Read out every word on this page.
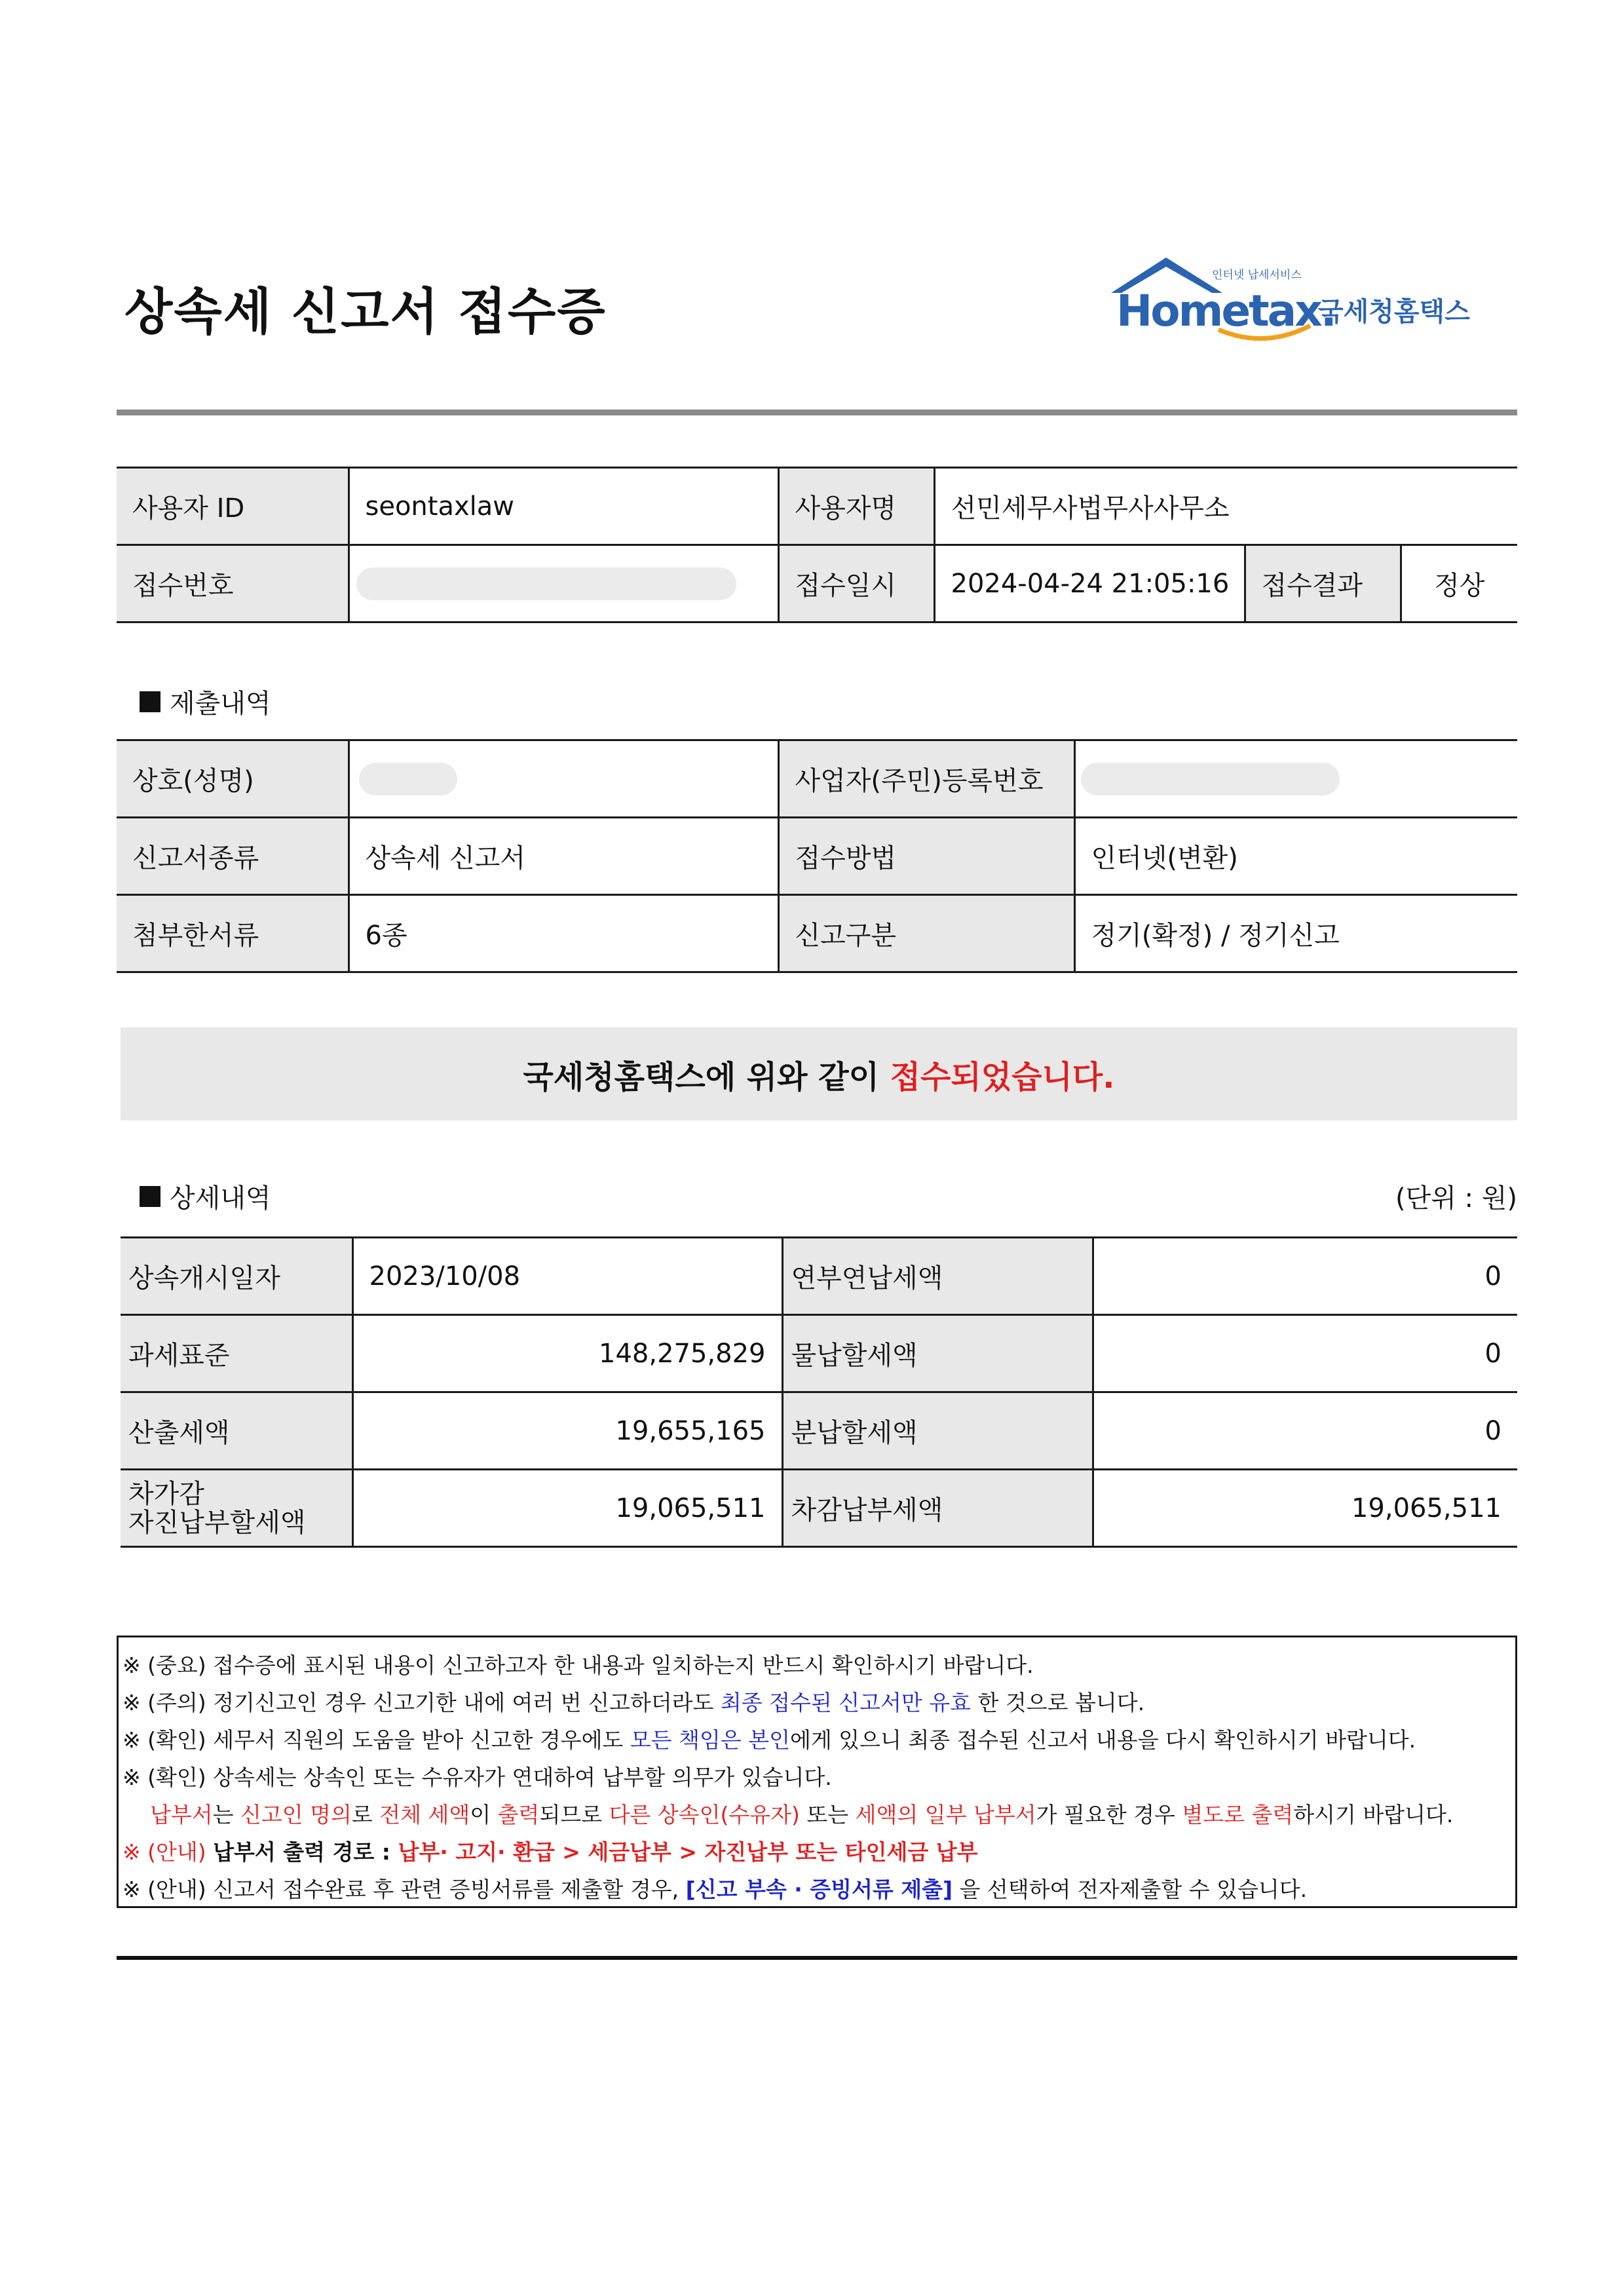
상속세 신고서 접수증
인터넷 납세서비스
Hometax.
국세청홈택스
사용자 ID	seontaxlaw	사용자명	선민세무사법무사사무소		
접수번호		접수일시	2024-04-24 21:05:16	접수결과	정상
제출내역
상호(성명)		사업자(주민)등록번호	
신고서종류	상속세 신고서	접수방법	인터넷(변환)
첨부한서류	6종	신고구분	정기(확정) / 정기신고
국세청홈택스에 위와 같이 접수되었습니다.
상세내역	(단위 : 원)
상속개시일자	2023/10/08	연부연납세액	0
과세표준	148,275,829	물납할세액	0
산출세액	19,655,165	분납할세액	0

차가감
자진납부할세액	19,065,511	차감납부세액	19,065,511
※ (중요) 접수증에 표시된 내용이 신고하고자 한 내용과 일치하는지 반드시 확인하시기 바랍니다.
※ (주의) 정기신고인 경우 신고기한 내에 여러 번 신고하더라도 최종 접수된 신고서만 유효 한 것으로 봅니다.
※ (확인) 세무서 직원의 도움을 받아 신고한 경우에도 모든 책임은 본인에게 있으니 최종 접수된 신고서 내용을 다시 확인하시기 바랍니다.
※ (확인) 상속세는 상속인 또는 수유자가 연대하여 납부할 의무가 있습니다.
납부서는 신고인 명의로 전체 세액이 출력되므로 다른 상속인(수유자) 또는 세액의 일부 납부서가 필요한 경우 별도로 출력하시기 바랍니다.
※ (안내) 납부서 출력 경로 : 납부· 고지· 환급 > 세금납부 > 자진납부 또는 타인세금 납부
※ (안내) 신고서 접수완료 후 관련 증빙서류를 제출할 경우, [신고 부속 · 증빙서류 제출] 을 선택하여 전자제출할 수 있습니다.
